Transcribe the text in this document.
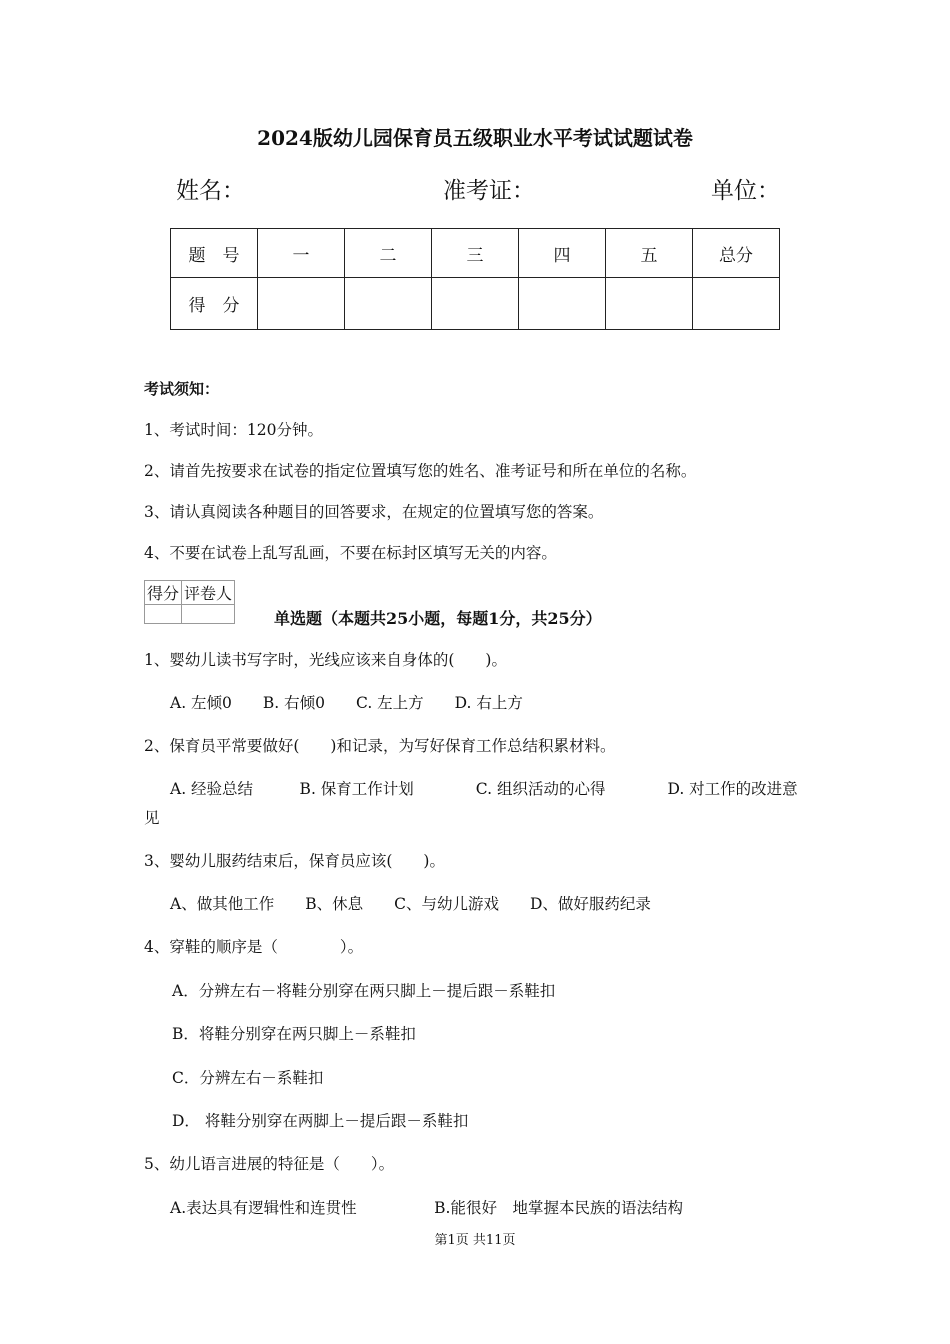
2024版幼儿园保育员五级职业水平考试试题试卷
姓名：	准考证：	单位：
题　号	一	二	三	四	五	总分
得　分						
考试须知：
1、考试时间：120分钟。
2、请首先按要求在试卷的指定位置填写您的姓名、准考证号和所在单位的名称。
3、请认真阅读各种题目的回答要求，在规定的位置填写您的答案。
4、不要在试卷上乱写乱画，不要在标封区填写无关的内容。
得分	评卷人

单选题（本题共25小题，每题1分，共25分）
1、婴幼儿读书写字时，光线应该来自身体的(　　)。
A. 左倾0　　B. 右倾0　　C. 左上方　　D. 右上方
2、保育员平常要做好(　　)和记录，为写好保育工作总结积累材料。
A. 经验总结　　　B. 保育工作计划　　　　C. 组织活动的心得　　　　D. 对工作的改进意
见
3、婴幼儿服药结束后，保育员应该(　　)。
A、做其他工作　　B、休息　　C、与幼儿游戏　　D、做好服药纪录
4、穿鞋的顺序是（　　　　）。
A．分辨左右－将鞋分别穿在两只脚上－提后跟－系鞋扣
B．将鞋分别穿在两只脚上－系鞋扣
C．分辨左右－系鞋扣
D． 将鞋分别穿在两脚上－提后跟－系鞋扣
5、幼儿语言进展的特征是（　　）。
A.表达具有逻辑性和连贯性　　　　　B.能很好　地掌握本民族的语法结构
第1页 共11页
